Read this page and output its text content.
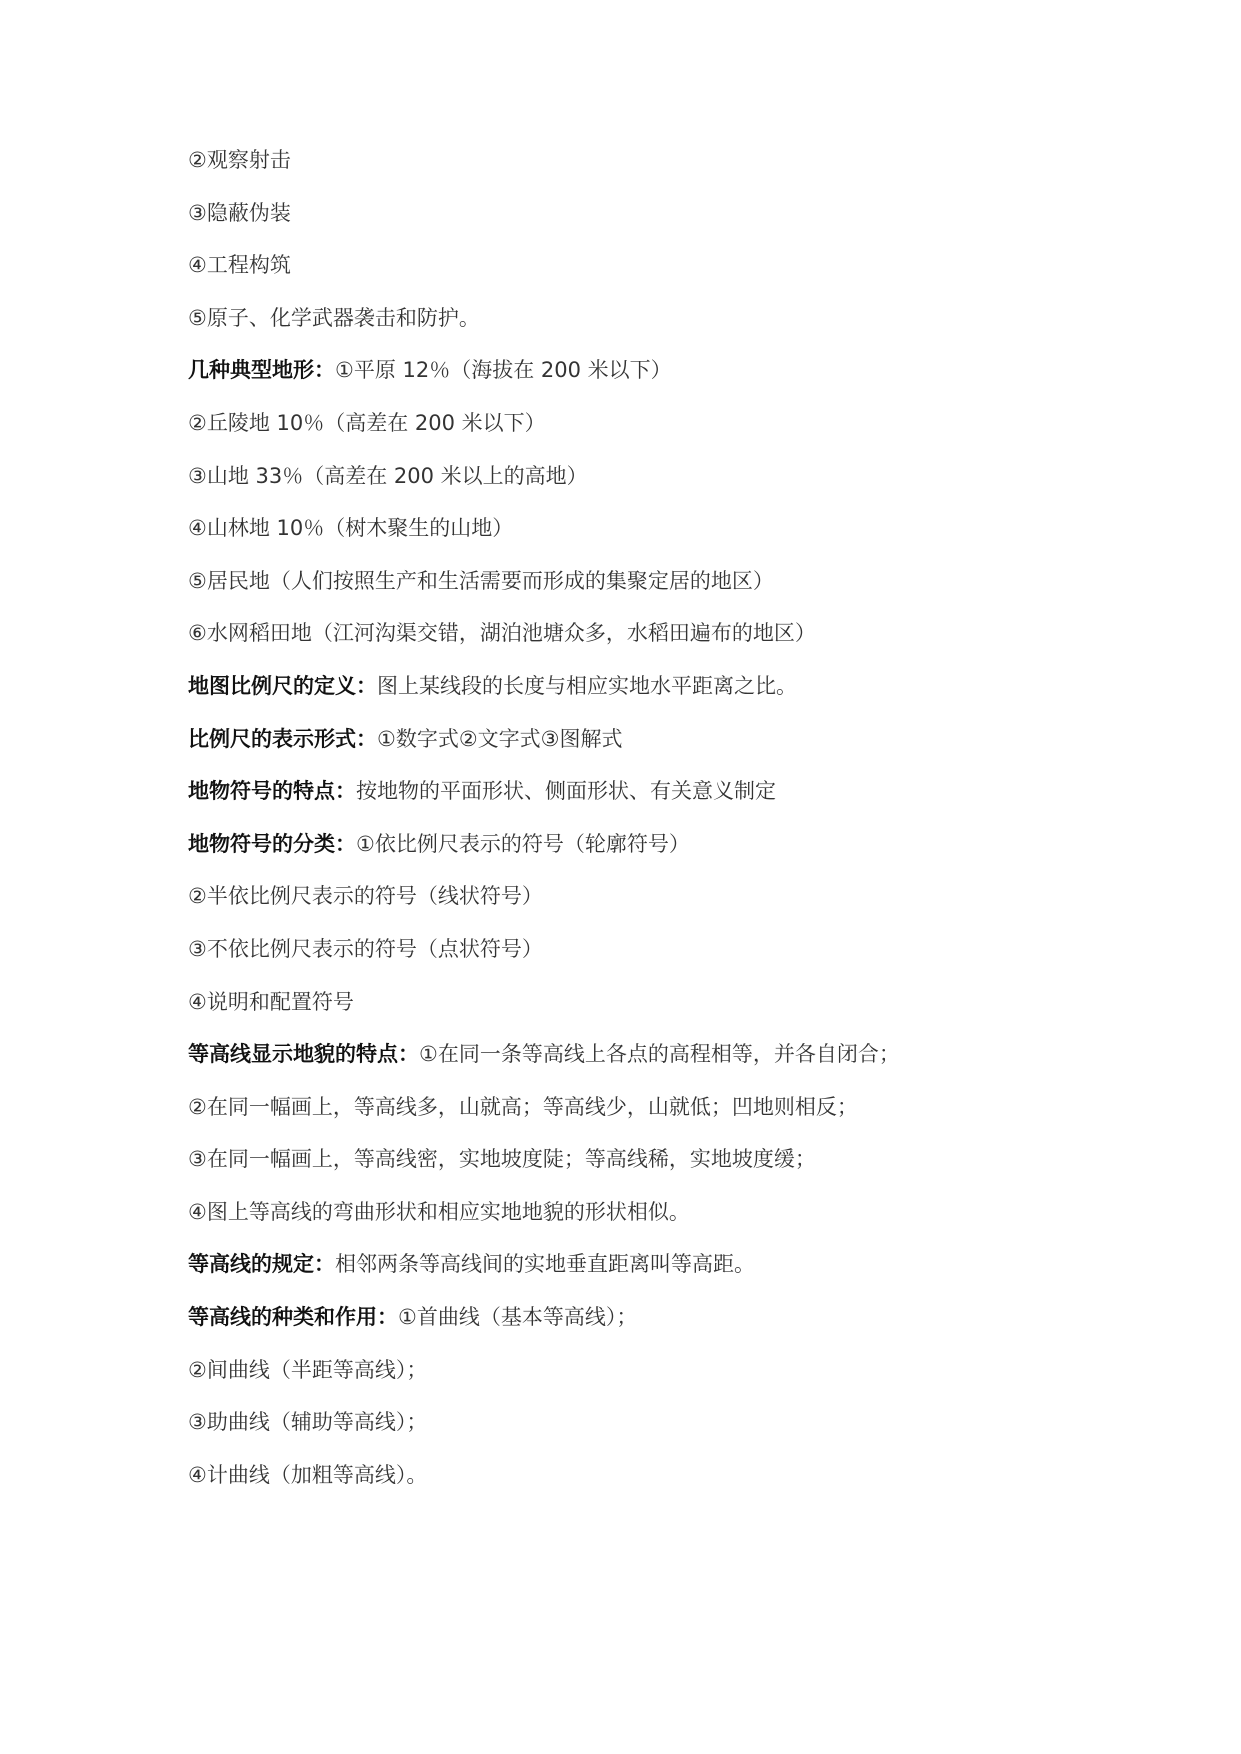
②观察射击

③隐蔽伪装

④工程构筑

⑤原子、化学武器袭击和防护。

几种典型地形：①平原 12％（海拔在 200 米以下）

②丘陵地 10％（高差在 200 米以下）

③山地 33％（高差在 200 米以上的高地）

④山林地 10％（树木聚生的山地）

⑤居民地（人们按照生产和生活需要而形成的集聚定居的地区）

⑥水网稻田地（江河沟渠交错，湖泊池塘众多，水稻田遍布的地区）

地图比例尺的定义：图上某线段的长度与相应实地水平距离之比。

比例尺的表示形式：①数字式②文字式③图解式

地物符号的特点：按地物的平面形状、侧面形状、有关意义制定

地物符号的分类：①依比例尺表示的符号（轮廓符号）

②半依比例尺表示的符号（线状符号）

③不依比例尺表示的符号（点状符号）

④说明和配置符号

等高线显示地貌的特点：①在同一条等高线上各点的高程相等，并各自闭合；

②在同一幅画上，等高线多，山就高；等高线少，山就低；凹地则相反；

③在同一幅画上，等高线密，实地坡度陡；等高线稀，实地坡度缓；

④图上等高线的弯曲形状和相应实地地貌的形状相似。

等高线的规定：相邻两条等高线间的实地垂直距离叫等高距。

等高线的种类和作用：①首曲线（基本等高线）；

②间曲线（半距等高线）；

③助曲线（辅助等高线）；

④计曲线（加粗等高线）。
